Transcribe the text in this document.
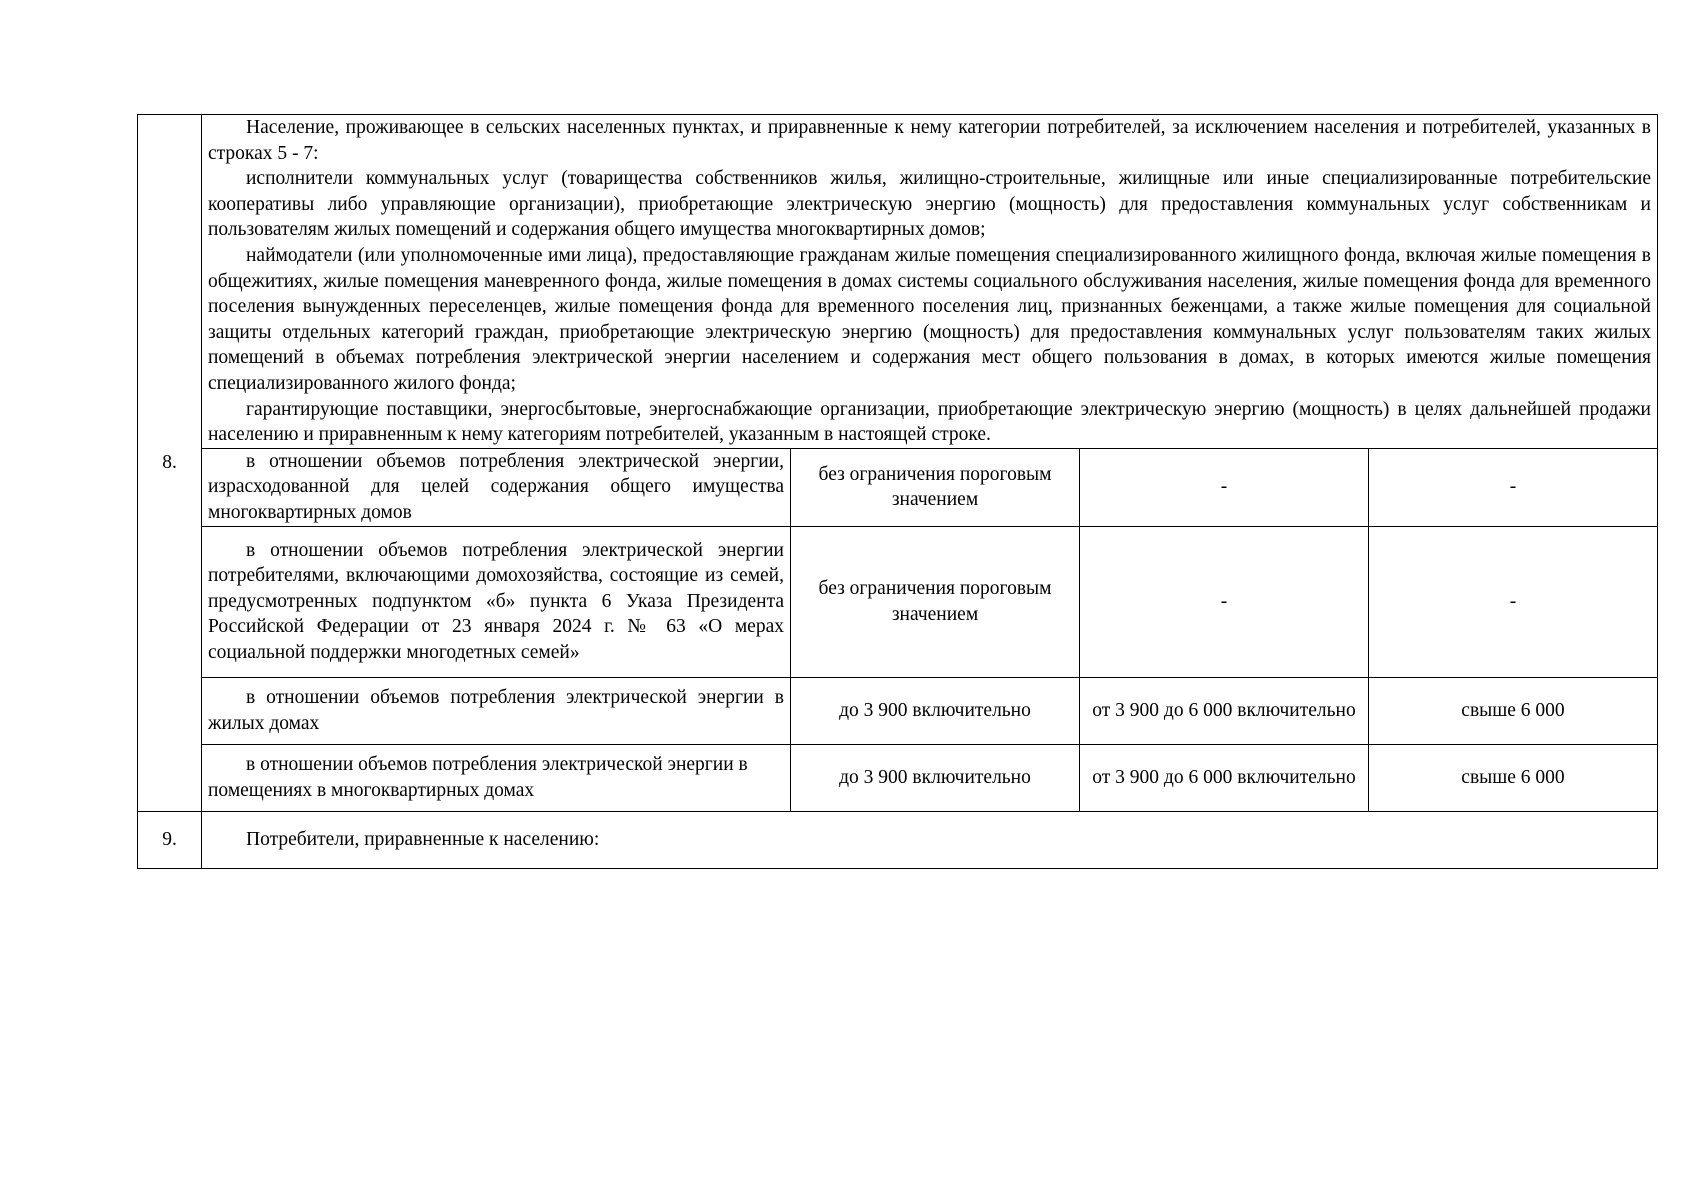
8.	Население, проживающее в сельских населенных пунктах, и приравненные к нему категории потребителей, за исключением населения и потребителей, указанных в строках 5 - 7:

исполнители коммунальных услуг (товарищества собственников жилья, жилищно-строительные, жилищные или иные специализированные потребительские кооперативы либо управляющие организации), приобретающие электрическую энергию (мощность) для предоставления коммунальных услуг собственникам и пользователям жилых помещений и содержания общего имущества многоквартирных домов;

наймодатели (или уполномоченные ими лица), предоставляющие гражданам жилые помещения специализированного жилищного фонда, включая жилые помещения в общежитиях, жилые помещения маневренного фонда, жилые помещения в домах системы социального обслуживания населения, жилые помещения фонда для временного поселения вынужденных переселенцев, жилые помещения фонда для временного поселения лиц, признанных беженцами, а также жилые помещения для социальной защиты отдельных категорий граждан, приобретающие электрическую энергию (мощность) для предоставления коммунальных услуг пользователям таких жилых помещений в объемах потребления электрической энергии населением и содержания мест общего пользования в домах, в которых имеются жилые помещения специализированного жилого фонда;

гарантирующие поставщики, энергосбытовые, энергоснабжающие организации, приобретающие электрическую энергию (мощность) в целях дальнейшей продажи населению и приравненным к нему категориям потребителей, указанным в настоящей строке.			

	в отношении объемов потребления электрической энергии, израсходованной для целей содержания общего имущества многоквартирных домов	без ограничения пороговым значением	-	-

	в отношении объемов потребления электрической энергии потребителями, включающими домохозяйства, состоящие из семей, предусмотренных подпунктом «б» пункта 6 Указа Президента Российской Федерации от 23 января 2024 г. № 63 «О мерах социальной поддержки многодетных семей»	без ограничения пороговым значением	-	-

	в отношении объемов потребления электрической энергии в жилых домах	до 3 900 включительно	от 3 900 до 6 000 включительно	свыше 6 000

	в отношении объемов потребления электрической энергии в помещениях в многоквартирных домах	до 3 900 включительно	от 3 900 до 6 000 включительно	свыше 6 000
9.	Потребители, приравненные к населению:			
